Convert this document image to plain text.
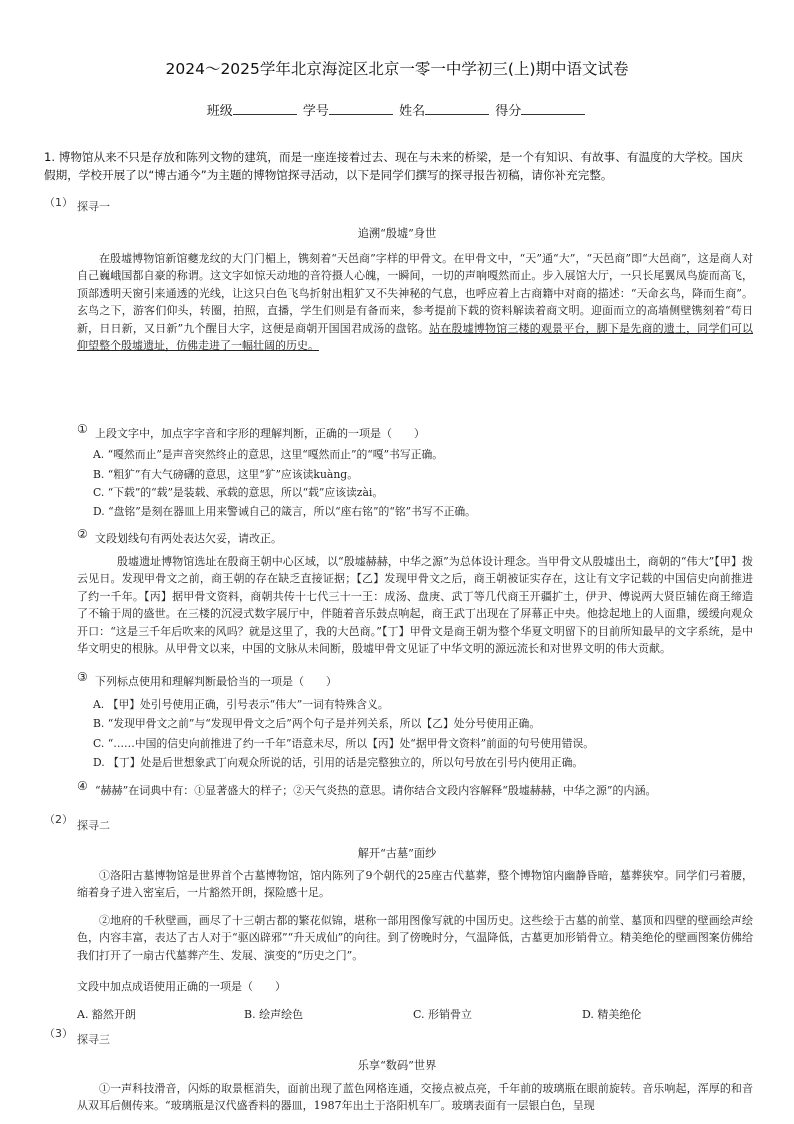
2024～2025学年北京海淀区北京一零一中学初三(上)期中语文试卷
班级	学号	姓名	得分
1. 博物馆从来不只是存放和陈列文物的建筑，而是一座连接着过去、现在与未来的桥梁，是一个有知识、有故事、有温度的大学校。国庆假期，学校开展了以“博古通今”为主题的博物馆探寻活动，以下是同学们撰写的探寻报告初稿，请你补充完整。
（1） 探寻一
追溯“殷墟”身世
在殷墟博物馆新馆夔龙纹的大门门楣上，镌刻着“天邑商”字样的甲骨文。在甲骨文中，“天”通“大”，“天邑商”即“大邑商”，这是商人对自己巍峨国都自豪的称谓。这文字如惊天动地的音符摄人心魄，一瞬间，一切的声响嘎然而止。步入展馆大厅，一只长尾翼凤鸟旋而高飞，顶部透明天窗引来通透的光线，让这只白色飞鸟折射出粗犷又不失神秘的气息，也呼应着上古商籍中对商的描述：“天命玄鸟，降而生商”。玄鸟之下，游客们仰头，转圈，拍照，直播，学生们则是有备而来，参考提前下载的资料解读着商文明。迎面而立的高墙侧壁镌刻着“苟日新，日日新，又日新”九个醒目大字，这便是商朝开国国君成汤的盘铭。站在殷墟博物馆三楼的观景平台，脚下是先商的遗土，同学们可以仰望整个殷墟遗址，仿佛走进了一幅壮阔的历史。
① 上段文字中，加点字字音和字形的理解判断，正确的一项是（　　）
A. “嘎然而止”是声音突然终止的意思，这里“嘎然而止”的“嘎”书写正确。
B. “粗犷”有大气磅礴的意思，这里“犷”应该读kuàng。
C. “下载”的“载”是装载、承载的意思，所以“载”应该读zài。
D. “盘铭”是刻在器皿上用来警诫自己的箴言，所以“座右铭”的“铭”书写不正确。
② 文段划线句有两处表达欠妥，请改正。
殷墟遗址博物馆选址在殷商王朝中心区域，以“殷墟赫赫，中华之源”为总体设计理念。当甲骨文从殷墟出土，商朝的“伟大”【甲】拨云见日。发现甲骨文之前，商王朝的存在缺乏直接证据；【乙】发现甲骨文之后，商王朝被证实存在，这让有文字记载的中国信史向前推进了约一千年。【丙】据甲骨文资料，商朝共传十七代三十一王：成汤、盘庚、武丁等几代商王开疆扩土，伊尹、傅说两大贤臣辅佐商王缔造了不输于周的盛世。在三楼的沉浸式数字展厅中，伴随着音乐鼓点响起，商王武丁出现在了屏幕正中央。他捻起地上的人面鼎，缓缓向观众开口：“这是三千年后吹来的风吗？就是这里了，我的大邑商。”【丁】甲骨文是商王朝为整个华夏文明留下的目前所知最早的文字系统，是中华文明史的根脉。从甲骨文以来，中国的文脉从未间断，殷墟甲骨文见证了中华文明的源远流长和对世界文明的伟大贡献。
③ 下列标点使用和理解判断最恰当的一项是（　　）
A. 【甲】处引号使用正确，引号表示“伟大”一词有特殊含义。
B. “发现甲骨文之前”与“发现甲骨文之后”两个句子是并列关系，所以【乙】处分号使用正确。
C. “……中国的信史向前推进了约一千年”语意未尽，所以【丙】处“据甲骨文资料”前面的句号使用错误。
D. 【丁】处是后世想象武丁向观众所说的话，引用的话是完整独立的，所以句号放在引号内使用正确。
④ “赫赫”在词典中有：①显著盛大的样子；②天气炎热的意思。请你结合文段内容解释“殷墟赫赫，中华之源”的内涵。
（2） 探寻二
解开“古墓”面纱
①洛阳古墓博物馆是世界首个古墓博物馆，馆内陈列了9个朝代的25座古代墓葬，整个博物馆内幽静昏暗，墓葬狭窄。同学们弓着腰，缩着身子进入密室后，一片豁然开朗，探险感十足。
②地府的千秋壁画，画尽了十三朝古都的繁花似锦，堪称一部用图像写就的中国历史。这些绘于古墓的前堂、墓顶和四壁的壁画绘声绘色，内容丰富，表达了古人对于“驱凶辟邪”“升天成仙”的向往。到了傍晚时分，气温降低，古墓更加形销骨立。精美绝伦的壁画图案仿佛给我们打开了一扇古代墓葬产生、发展、演变的“历史之门”。
文段中加点成语使用正确的一项是（　　）
A. 豁然开朗	B. 绘声绘色	C. 形销骨立	D. 精美绝伦
（3） 探寻三
乐享“数码”世界
①一声科技滑音，闪烁的取景框消失，面前出现了蓝色网格连通，交接点被点亮，千年前的玻璃瓶在眼前旋转。音乐响起，浑厚的和音从双耳后侧传来。“玻璃瓶是汉代盛香料的器皿，1987年出土于洛阳机车厂。玻璃表面有一层银白色，呈现
